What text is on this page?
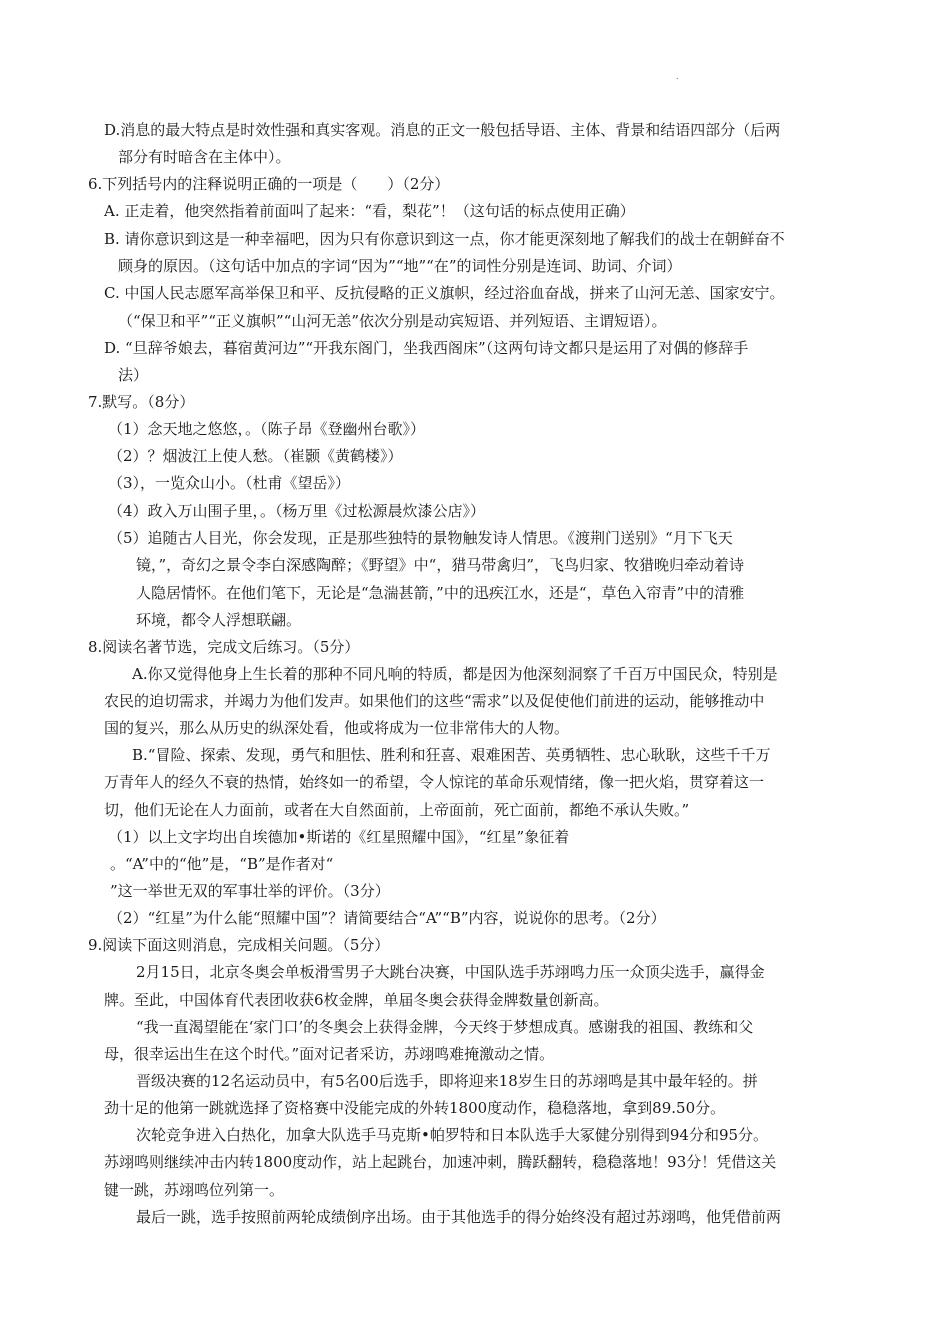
.
D.消息的最大特点是时效性强和真实客观。消息的正文一般包括导语、主体、背景和结语四部分（后两
部分有时暗含在主体中）。
6.下列括号内的注释说明正确的一项是（　　）（2分）
A. 正走着，他突然指着前面叫了起来：“看，梨花”！（这句话的标点使用正确）
B. 请你意识到这是一种幸福吧，因为只有你意识到这一点，你才能更深刻地了解我们的战士在朝鲜奋不
顾身的原因。（这句话中加点的字词“因为”“地”“在”的词性分别是连词、助词、介词）
C. 中国人民志愿军高举保卫和平、反抗侵略的正义旗帜，经过浴血奋战，拼来了山河无恙、国家安宁。
（“保卫和平”“正义旗帜”“山河无恙”依次分别是动宾短语、并列短语、主谓短语）。
D. “旦辞爷娘去，暮宿黄河边”“开我东阁门，坐我西阁床”（这两句诗文都只是运用了对偶的修辞手
法）
7.默写。（8分）
（1）念天地之悠悠，。（陈子昂《登幽州台歌》）
（2）？烟波江上使人愁。（崔颢《黄鹤楼》）
（3），一览众山小。（杜甫《望岳》）
（4）政入万山围子里，。（杨万里《过松源晨炊漆公店》）
（5）追随古人目光，你会发现，正是那些独特的景物触发诗人情思。《渡荆门送别》“月下飞天
镜，”，奇幻之景令李白深感陶醉；《野望》中“，猎马带禽归”，飞鸟归家、牧猎晚归牵动着诗
人隐居情怀。在他们笔下，无论是“急湍甚箭，”中的迅疾江水，还是“，草色入帘青”中的清雅
环境，都令人浮想联翩。
8.阅读名著节选，完成文后练习。（5分）
A.你又觉得他身上生长着的那种不同凡响的特质，都是因为他深刻洞察了千百万中国民众，特别是
农民的迫切需求，并竭力为他们发声。如果他们的这些“需求”以及促使他们前进的运动，能够推动中
国的复兴，那么从历史的纵深处看，他或将成为一位非常伟大的人物。
B.“冒险、探索、发现，勇气和胆怯、胜利和狂喜、艰难困苦、英勇牺牲、忠心耿耿，这些千千万
万青年人的经久不衰的热情，始终如一的希望，令人惊诧的革命乐观情绪，像一把火焰，贯穿着这一
切，他们无论在人力面前，或者在大自然面前，上帝面前，死亡面前，都绝不承认失败。”
（1）以上文字均出自埃德加•斯诺的《红星照耀中国》，“红星”象征着
。“A”中的“他”是，“B”是作者对“
”这一举世无双的军事壮举的评价。（3分）
（2）“红星”为什么能“照耀中国”？请简要结合“A”“B”内容，说说你的思考。（2分）
9.阅读下面这则消息，完成相关问题。（5分）
2月15日，北京冬奥会单板滑雪男子大跳台决赛，中国队选手苏翊鸣力压一众顶尖选手，赢得金
牌。至此，中国体育代表团收获6枚金牌，单届冬奥会获得金牌数量创新高。
“我一直渴望能在‘家门口’的冬奥会上获得金牌，今天终于梦想成真。感谢我的祖国、教练和父
母，很幸运出生在这个时代。”面对记者采访，苏翊鸣难掩激动之情。
晋级决赛的12名运动员中，有5名00后选手，即将迎来18岁生日的苏翊鸣是其中最年轻的。拼
劲十足的他第一跳就选择了资格赛中没能完成的外转1800度动作，稳稳落地，拿到89.50分。
次轮竞争进入白热化，加拿大队选手马克斯•帕罗特和日本队选手大冢健分别得到94分和95分。
苏翊鸣则继续冲击内转1800度动作，站上起跳台，加速冲刺，腾跃翻转，稳稳落地！93分！凭借这关
键一跳，苏翊鸣位列第一。
最后一跳，选手按照前两轮成绩倒序出场。由于其他选手的得分始终没有超过苏翊鸣，他凭借前两
